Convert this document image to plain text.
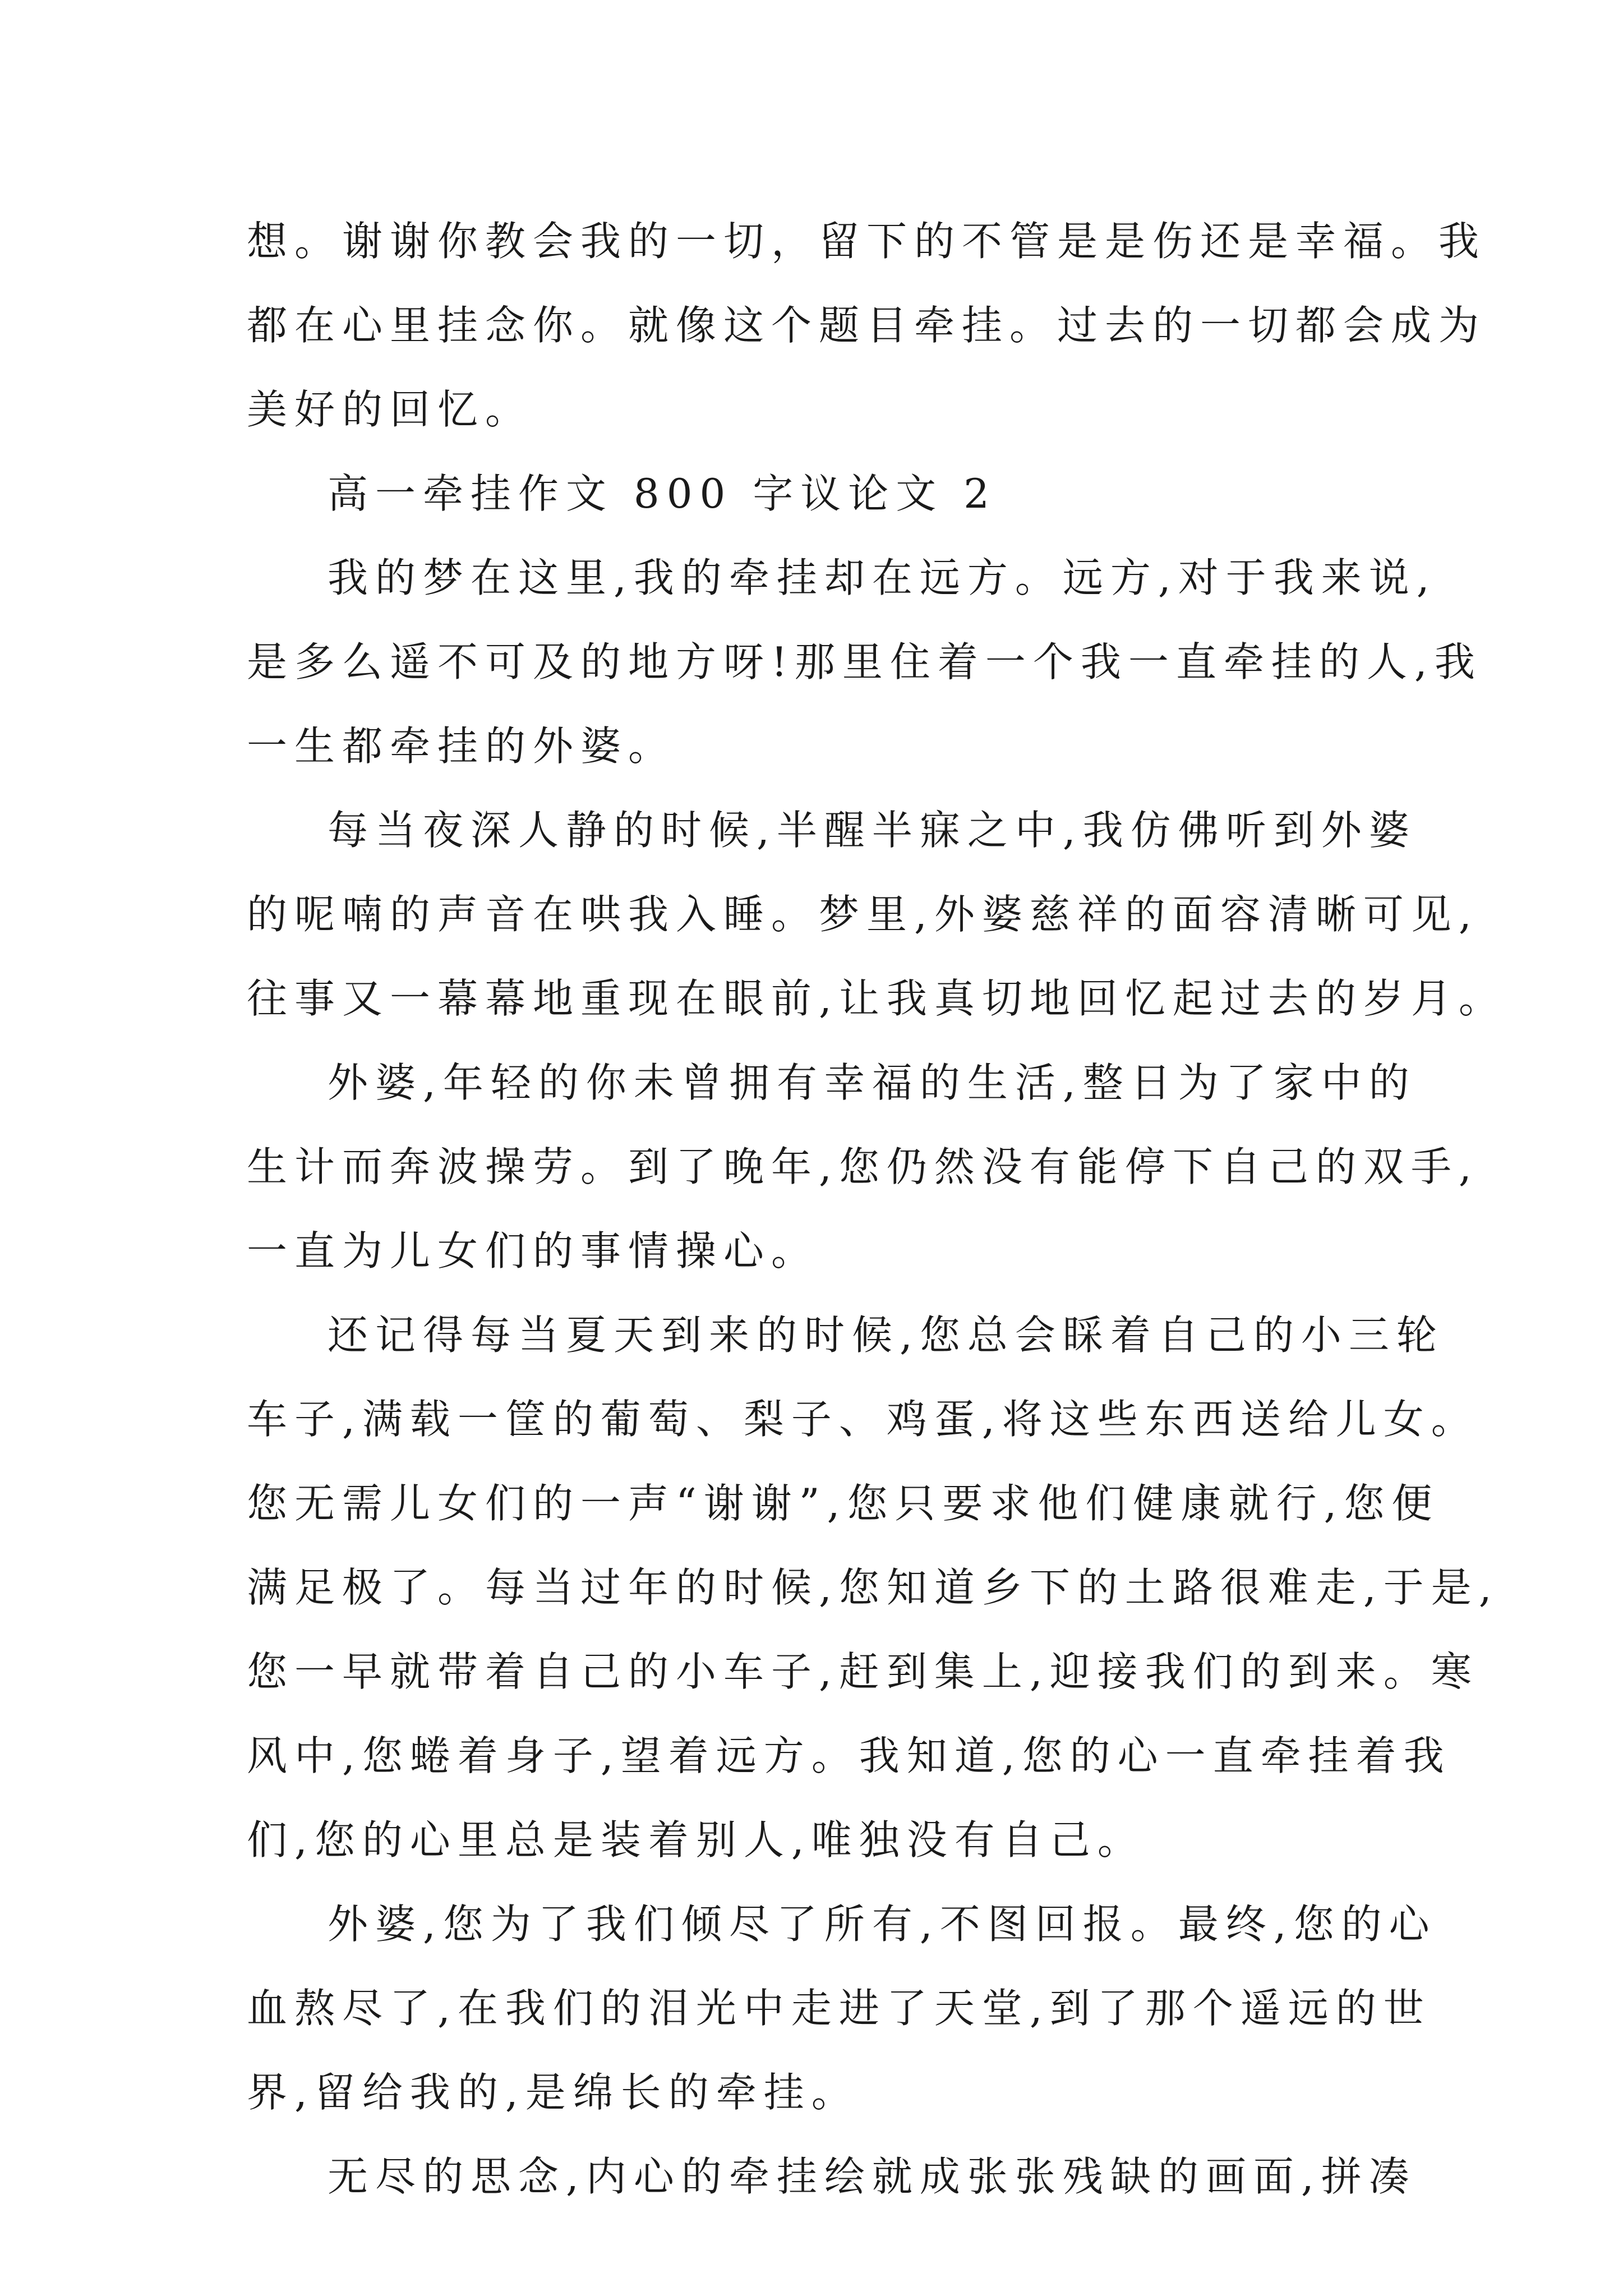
想。谢谢你教会我的一切，留下的不管是是伤还是幸福。我
都在心里挂念你。就像这个题目牵挂。过去的一切都会成为
美好的回忆。
高一牵挂作文 800 字议论文 2
我的梦在这里,我的牵挂却在远方。远方,对于我来说,
是多么遥不可及的地方呀!那里住着一个我一直牵挂的人,我
一生都牵挂的外婆。
每当夜深人静的时候,半醒半寐之中,我仿佛听到外婆
的呢喃的声音在哄我入睡。梦里,外婆慈祥的面容清晰可见,
往事又一幕幕地重现在眼前,让我真切地回忆起过去的岁月。
外婆,年轻的你未曾拥有幸福的生活,整日为了家中的
生计而奔波操劳。到了晚年,您仍然没有能停下自己的双手,
一直为儿女们的事情操心。
还记得每当夏天到来的时候,您总会睬着自己的小三轮
车子,满载一筐的葡萄、梨子、鸡蛋,将这些东西送给儿女。
您无需儿女们的一声“谢谢”,您只要求他们健康就行,您便
满足极了。每当过年的时候,您知道乡下的土路很难走,于是,
您一早就带着自己的小车子,赶到集上,迎接我们的到来。寒
风中,您蜷着身子,望着远方。我知道,您的心一直牵挂着我
们,您的心里总是装着别人,唯独没有自己。
外婆,您为了我们倾尽了所有,不图回报。最终,您的心
血熬尽了,在我们的泪光中走进了天堂,到了那个遥远的世
界,留给我的,是绵长的牵挂。
无尽的思念,内心的牵挂绘就成张张残缺的画面,拼凑
